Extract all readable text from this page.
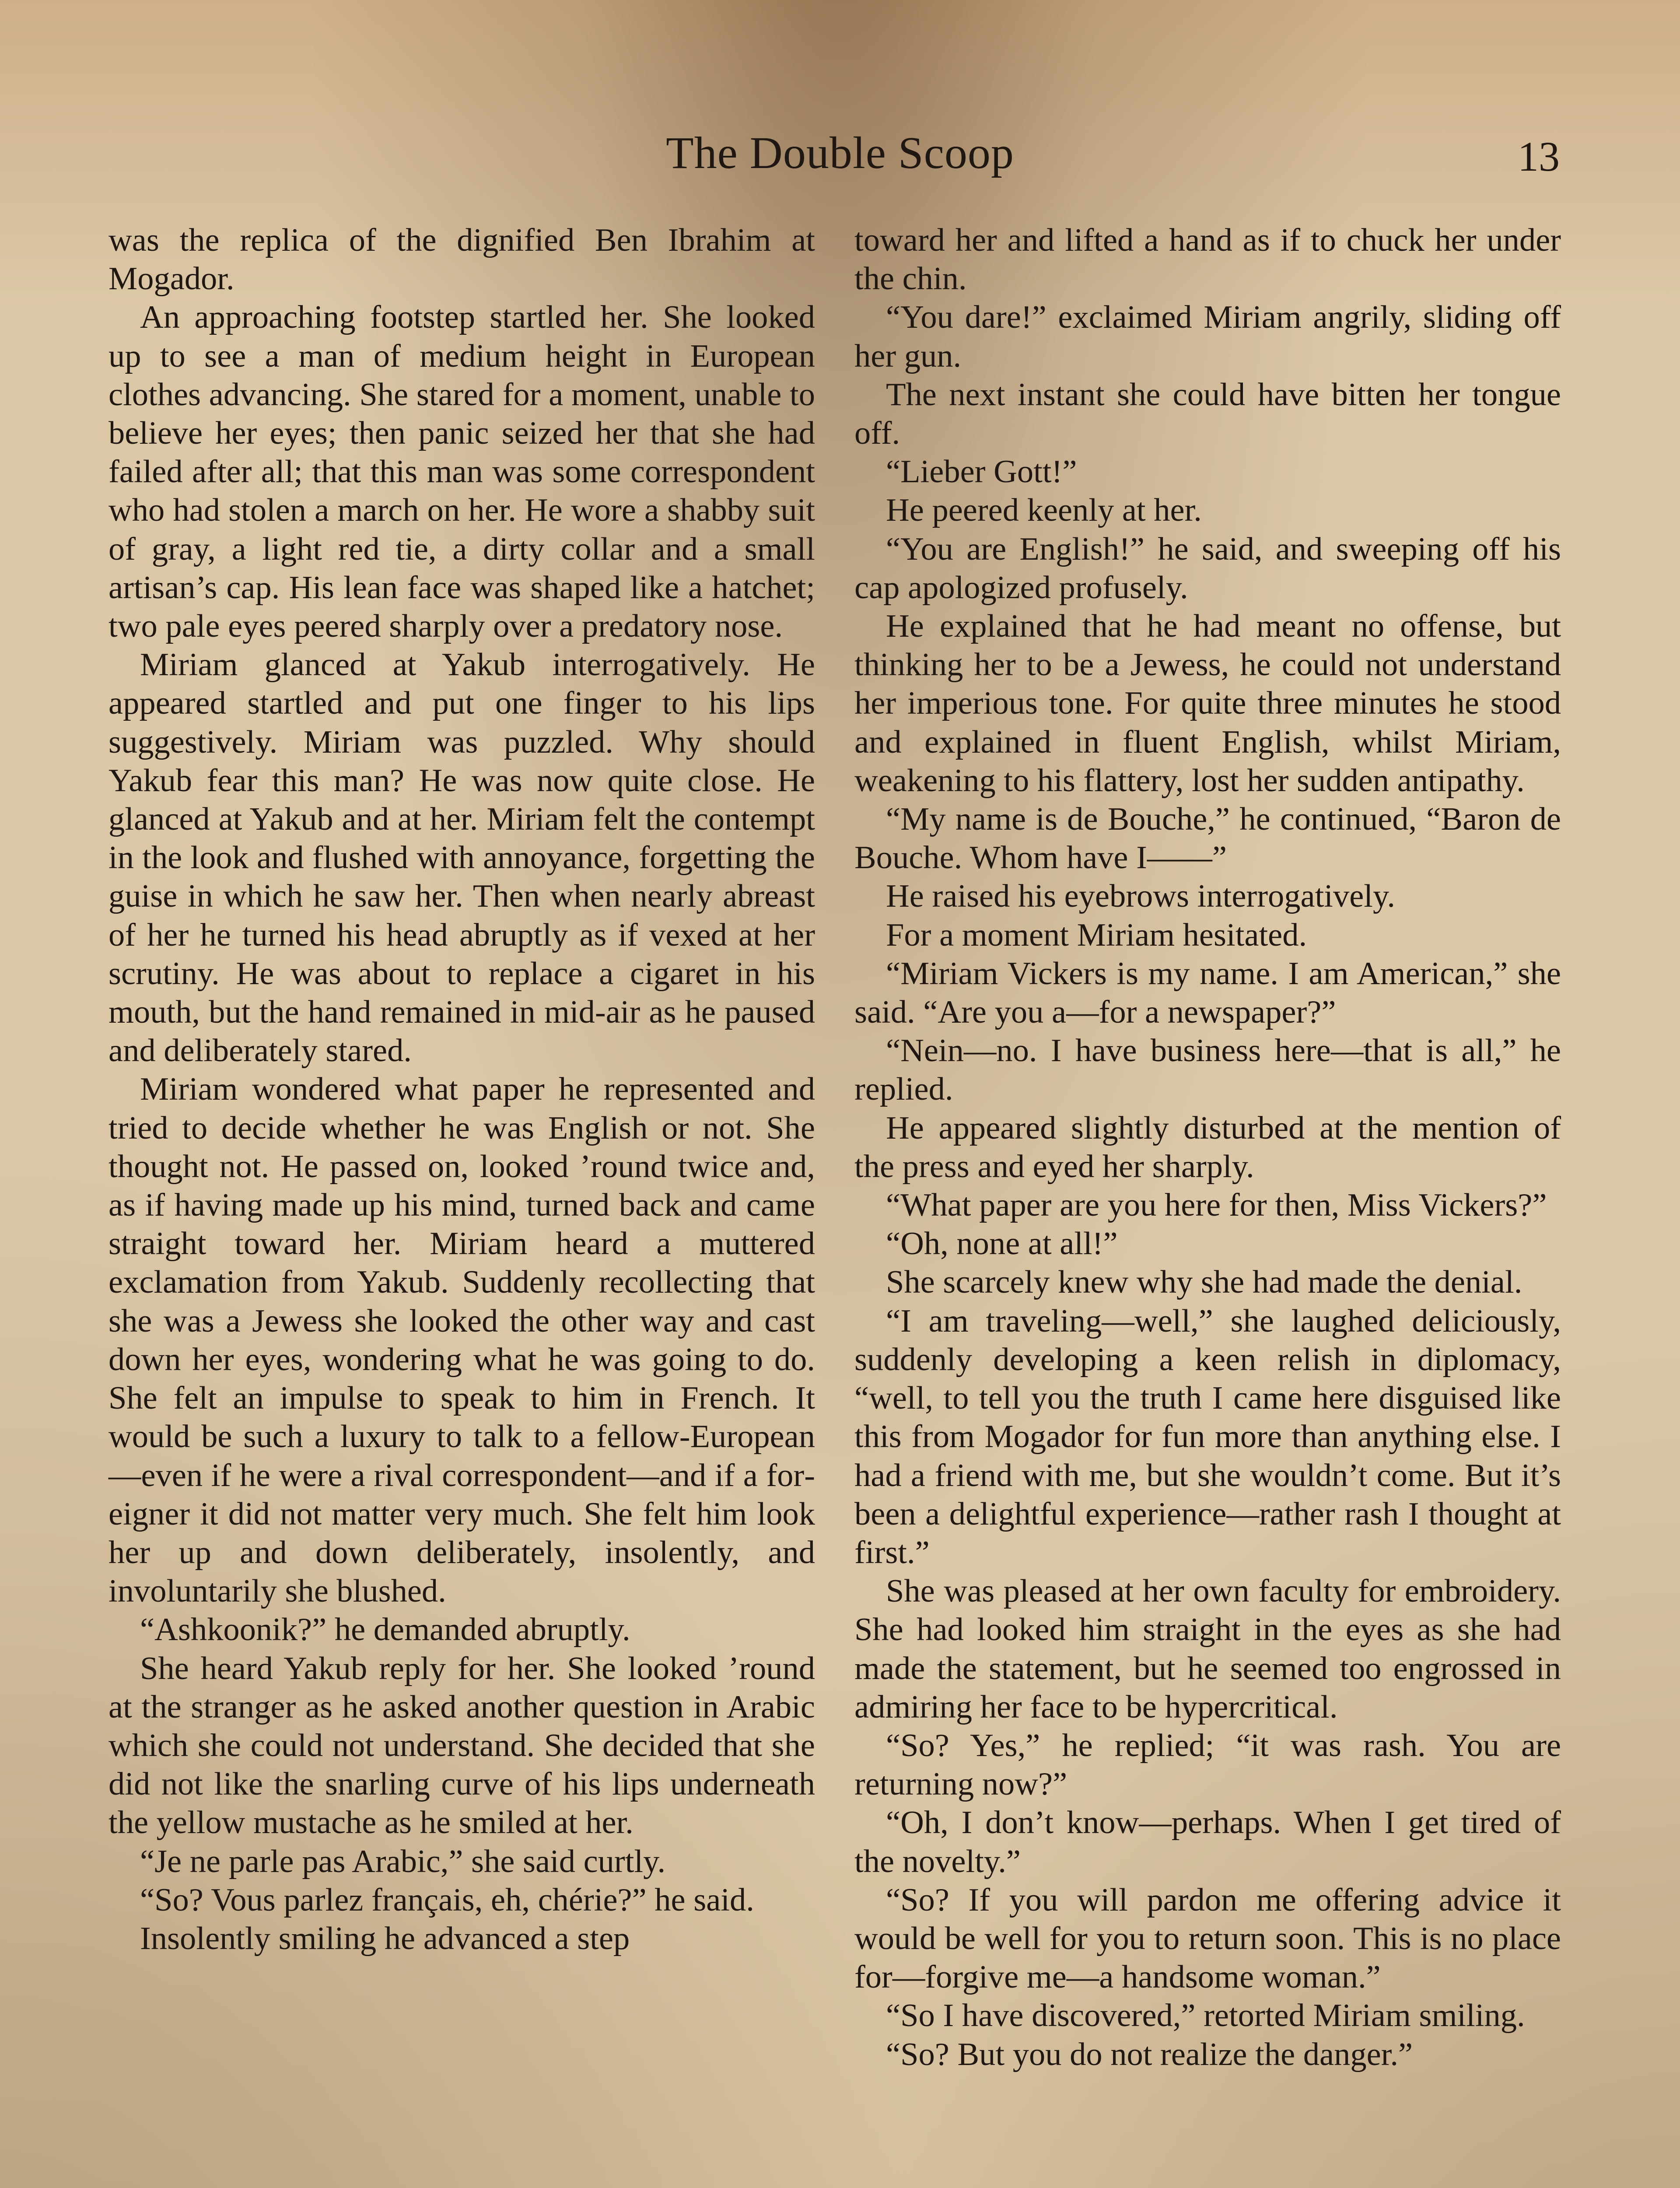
The Double Scoop	13

was the replica of the dignified Ben Ibrahim at Mogador.

An approaching footstep startled her. She looked up to see a man of medium height in European clothes advancing. She stared for a moment, unable to believe her eyes; then panic seized her that she had failed after all; that this man was some correspondent who had stolen a march on her. He wore a shabby suit of gray, a light red tie, a dirty collar and a small artisan’s cap. His lean face was shaped like a hatchet; two pale eyes peered sharply over a predatory nose.

Miriam glanced at Yakub interrogatively. He appeared startled and put one finger to his lips suggestively. Miriam was puzzled. Why should Yakub fear this man? He was now quite close. He glanced at Yakub and at her. Miriam felt the contempt in the look and flushed with annoyance, forgetting the guise in which he saw her. Then when nearly abreast of her he turned his head abruptly as if vexed at her scrutiny. He was about to replace a cigaret in his mouth, but the hand remained in mid-air as he paused and deliberately stared.

Miriam wondered what paper he represented and tried to decide whether he was English or not. She thought not. He passed on, looked ’round twice and, as if having made up his mind, turned back and came straight toward her. Miriam heard a muttered exclamation from Yakub. Suddenly recollecting that she was a Jewess she looked the other way and cast down her eyes, wondering what he was going to do. She felt an impulse to speak to him in French. It would be such a luxury to talk to a fellow-European—even if he were a rival correspondent—and if a foreigner it did not matter very much. She felt him look her up and down deliberately, insolently, and involuntarily she blushed.

“Ashkoonik?” he demanded abruptly.

She heard Yakub reply for her. She looked ’round at the stranger as he asked another question in Arabic which she could not understand. She decided that she did not like the snarling curve of his lips underneath the yellow mustache as he smiled at her.

“Je ne parle pas Arabic,” she said curtly.

“So? Vous parlez français, eh, chérie?” he said.

Insolently smiling he advanced a step

toward her and lifted a hand as if to chuck her under the chin.

“You dare!” exclaimed Miriam angrily, sliding off her gun.

The next instant she could have bitten her tongue off.

“Lieber Gott!”

He peered keenly at her.

“You are English!” he said, and sweeping off his cap apologized profusely.

He explained that he had meant no offense, but thinking her to be a Jewess, he could not understand her imperious tone. For quite three minutes he stood and explained in fluent English, whilst Miriam, weakening to his flattery, lost her sudden antipathy.

“My name is de Bouche,” he continued, “Baron de Bouche. Whom have I——”

He raised his eyebrows interrogatively.

For a moment Miriam hesitated.

“Miriam Vickers is my name. I am American,” she said. “Are you a—for a newspaper?”

“Nein—no. I have business here—that is all,” he replied.

He appeared slightly disturbed at the mention of the press and eyed her sharply.

“What paper are you here for then, Miss Vickers?”

“Oh, none at all!”

She scarcely knew why she had made the denial.

“I am traveling—well,” she laughed deliciously, suddenly developing a keen relish in diplomacy, “well, to tell you the truth I came here disguised like this from Mogador for fun more than anything else. I had a friend with me, but she wouldn’t come. But it’s been a delightful experience—rather rash I thought at first.”

She was pleased at her own faculty for embroidery. She had looked him straight in the eyes as she had made the statement, but he seemed too engrossed in admiring her face to be hypercritical.

“So? Yes,” he replied; “it was rash. You are returning now?”

“Oh, I don’t know—perhaps. When I get tired of the novelty.”

“So? If you will pardon me offering advice it would be well for you to return soon. This is no place for—forgive me—a handsome woman.”

“So I have discovered,” retorted Miriam smiling.

“So? But you do not realize the danger.”
